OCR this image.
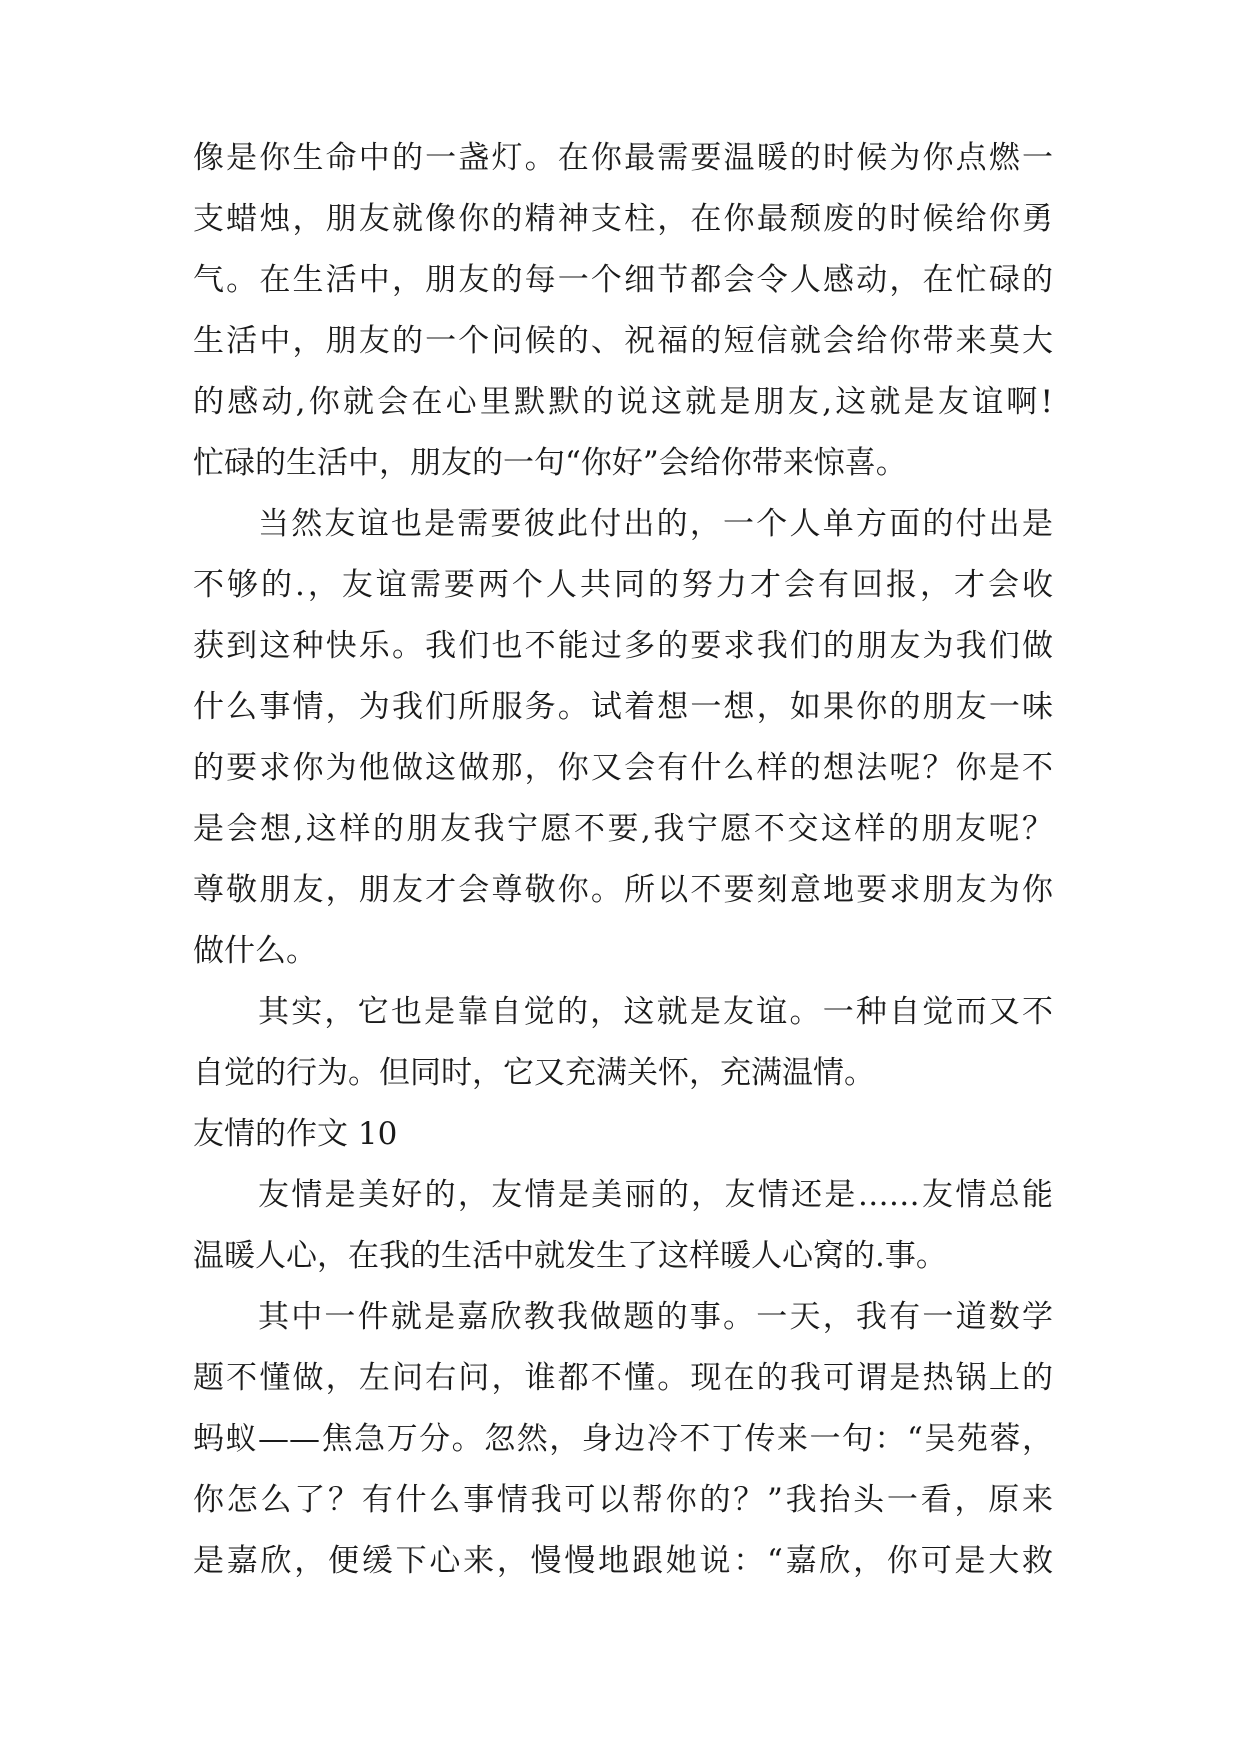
像是你生命中的一盏灯。在你最需要温暖的时候为你点燃一
支蜡烛，朋友就像你的精神支柱，在你最颓废的时候给你勇
气。在生活中，朋友的每一个细节都会令人感动，在忙碌的
生活中，朋友的一个问候的、祝福的短信就会给你带来莫大
的感动,你就会在心里默默的说这就是朋友,这就是友谊啊!
忙碌的生活中，朋友的一句“你好”会给你带来惊喜。
当然友谊也是需要彼此付出的，一个人单方面的付出是
不够的.，友谊需要两个人共同的努力才会有回报，才会收
获到这种快乐。我们也不能过多的要求我们的朋友为我们做
什么事情，为我们所服务。试着想一想，如果你的朋友一味
的要求你为他做这做那，你又会有什么样的想法呢？你是不
是会想,这样的朋友我宁愿不要,我宁愿不交这样的朋友呢？
尊敬朋友，朋友才会尊敬你。所以不要刻意地要求朋友为你
做什么。
其实，它也是靠自觉的，这就是友谊。一种自觉而又不
自觉的行为。但同时，它又充满关怀，充满温情。
友情的作文 10
友情是美好的，友情是美丽的，友情还是……友情总能
温暖人心，在我的生活中就发生了这样暖人心窝的.事。
其中一件就是嘉欣教我做题的事。一天，我有一道数学
题不懂做，左问右问，谁都不懂。现在的我可谓是热锅上的
蚂蚁——焦急万分。忽然，身边冷不丁传来一句：“吴苑蓉，
你怎么了？有什么事情我可以帮你的？”我抬头一看，原来
是嘉欣，便缓下心来，慢慢地跟她说：“嘉欣，你可是大救
